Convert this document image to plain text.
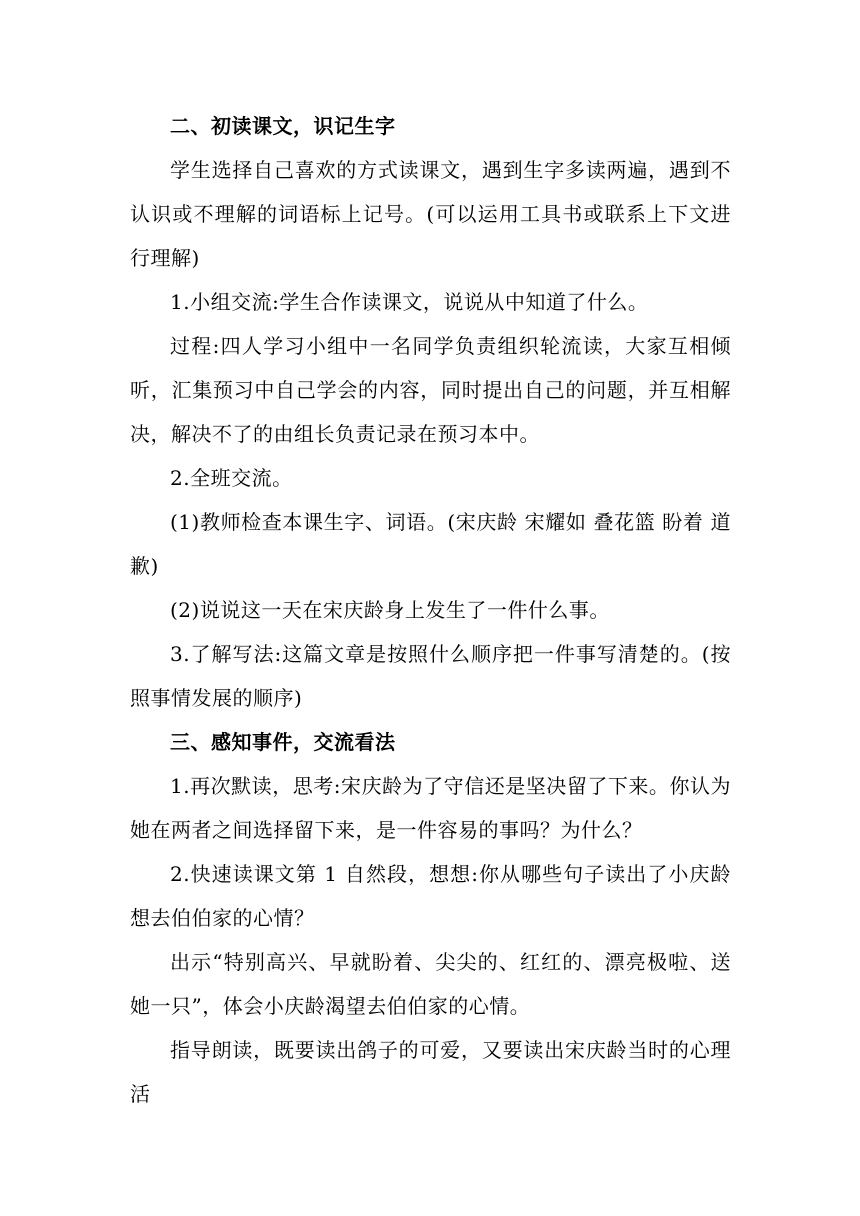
二、初读课文，识记生字

学生选择自己喜欢的方式读课文，遇到生字多读两遍，遇到不认识或不理解的词语标上记号。(可以运用工具书或联系上下文进行理解)

1.小组交流:学生合作读课文，说说从中知道了什么。

过程:四人学习小组中一名同学负责组织轮流读，大家互相倾听，汇集预习中自己学会的内容，同时提出自己的问题，并互相解决，解决不了的由组长负责记录在预习本中。

2.全班交流。

(1)教师检查本课生字、词语。(宋庆龄 宋耀如 叠花篮 盼着 道歉)

(2)说说这一天在宋庆龄身上发生了一件什么事。

3.了解写法:这篇文章是按照什么顺序把一件事写清楚的。(按照事情发展的顺序)

三、感知事件，交流看法

1.再次默读，思考:宋庆龄为了守信还是坚决留了下来。你认为她在两者之间选择留下来，是一件容易的事吗？为什么？

2.快速读课文第 1 自然段，想想:你从哪些句子读出了小庆龄想去伯伯家的心情？

出示“特别高兴、早就盼着、尖尖的、红红的、漂亮极啦、送她一只”，体会小庆龄渴望去伯伯家的心情。

指导朗读，既要读出鸽子的可爱，又要读出宋庆龄当时的心理活
